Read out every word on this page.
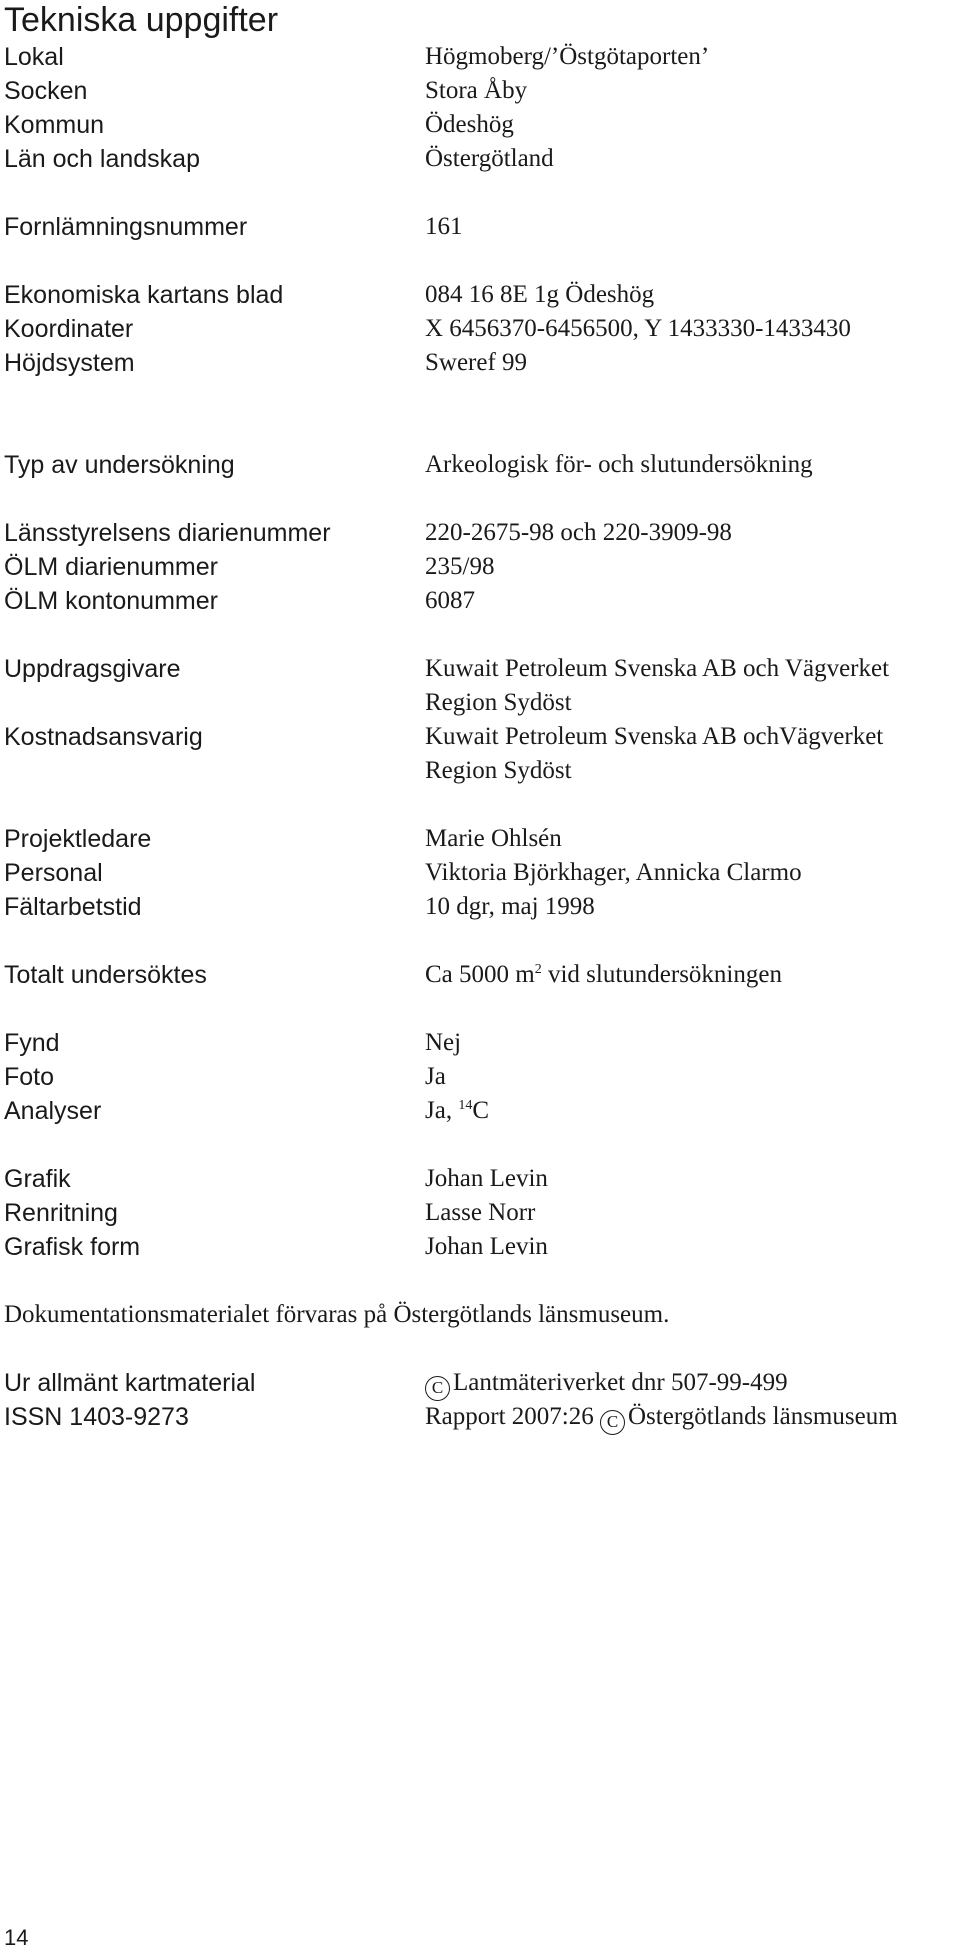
Tekniska uppgifter
Lokal	Högmoberg/’Östgötaporten’
Socken	Stora Åby
Kommun	Ödeshög
Län och landskap	Östergötland
Fornlämningsnummer	161
Ekonomiska kartans blad	084 16 8E 1g Ödeshög
Koordinater	X 6456370-6456500, Y 1433330-1433430
Höjdsystem	Sweref 99
Typ av undersökning	Arkeologisk för- och slutundersökning
Länsstyrelsens diarienummer	220-2675-98 och 220-3909-98
ÖLM diarienummer	235/98
ÖLM kontonummer	6087
Uppdragsgivare	Kuwait Petroleum Svenska AB och Vägverket
Region Sydöst
Kostnadsansvarig	Kuwait Petroleum Svenska AB ochVägverket
Region Sydöst
Projektledare	Marie Ohlsén
Personal	Viktoria Björkhager, Annicka Clarmo
Fältarbetstid	10 dgr, maj 1998
Totalt undersöktes	Ca 5000 $m^2$ vid slutundersökningen
Fynd	Nej
Foto	Ja
Analyser	Ja, $^{14}$C
Grafik	Johan Levin
Renritning	Lasse Norr
Grafisk form	Johan Levin
Dokumentationsmaterialet förvaras på Östergötlands länsmuseum.
Ur allmänt kartmaterial	C Lantmäteriverket dnr 507-99-499
ISSN 1403-9273	Rapport 2007:26 C Östergötlands länsmuseum
14
